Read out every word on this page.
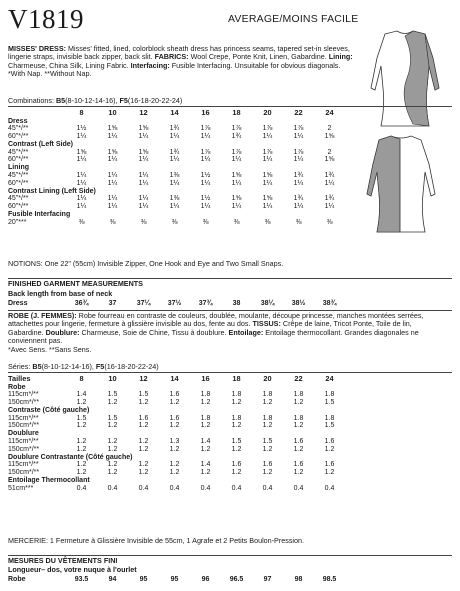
V1819	AVERAGE/MOINS FACILE
MISSES' DRESS: Misses' fitted, lined, colorblock sheath dress has princess seams, tapered set-in sleeves, lingerie straps, invisible back zipper, back slit. FABRICS: Wool Crepe, Ponte Knit, Linen, Gabardine. Lining: Charmeuse, China Silk, Lining Fabric. Interfacing: Fusible Interfacing. Unsuitable for obvious diagonals.
*With Nap. **Without Nap.
Combinations: B5(8-10-12-14-16), F5(16-18-20-22-24)
	8	10	12	14	16	18	20	22	24
Dress									
45"*/**	1½	1⅝	1⅝	1¾	1⅞	1⅞	1⅞	1⅞	2
60"*/**	1¼	1¼	1¼	1¼	1¼	1¾	1¼	1¼	1⅝
Contrast (Left Side)									
45"*/**	1⅝	1⅝	1⅝	1¾	1⅞	1⅞	1⅞	1⅞	2
60"*/**	1¼	1¼	1¼	1¼	1¼	1¼	1¼	1¼	1⅝
Lining									
45"*/**	1¼	1¼	1¼	1⅜	1½	1⅝	1⅝	1¾	1¾
60"*/**	1¼	1¼	1¼	1¼	1¼	1¼	1¼	1¼	1¼
Contrast Lining (Left Side)									
45"*/**	1¼	1¼	1¼	1⅜	1½	1⅝	1⅝	1¾	1¾
60"*/**	1¼	1¼	1¼	1¼	1¼	1¼	1¼	1¼	1¼
Fusible Interfacing									
20"***	⅜	⅜	⅜	⅜	⅜	⅜	⅜	⅜	⅜
NOTIONS: One 22" (55cm) Invisible Zipper, One Hook and Eye and Two Small Snaps.
FINISHED GARMENT MEASUREMENTS
Back length from base of neck
Dress	36¾	37	37¼	37½	37¾	38	38¼	38½	38¾
ROBE (J. FEMMES): Robe fourreau en contraste de couleurs, doublée, moulante, découpe princesse, manches montées serrées, attachettes pour lingerie, fermeture à glissière invisible au dos, fente au dos. TISSUS: Crêpe de laine, Tricot Ponte, Toile de lin, Gabardine. Doublure: Charmeuse, Soie de Chine, Tissu à doublure. Entoilage: Entoilage thermocollant. Grandes diagonales ne conviennent pas.
*Avec Sens. **Sans Sens.
Séries: B5(8-10-12-14-16), F5(16-18-20-22-24)
Tailles	8	10	12	14	16	18	20	22	24
Robe									
115cm*/**	1.4	1.5	1.5	1.6	1.8	1.8	1.8	1.8	1.8
150cm*/**	1.2	1.2	1.2	1.2	1.2	1.2	1.2	1.2	1.5
Contraste (Côté gauche)									
115cm*/**	1.5	1.5	1.6	1.6	1.8	1.8	1.8	1.8	1.8
150cm*/**	1.2	1.2	1.2	1.2	1.2	1.2	1.2	1.2	1.5
Doublure									
115cm*/**	1.2	1.2	1.2	1.3	1.4	1.5	1.5	1.6	1.6
150cm*/**	1.2	1.2	1.2	1.2	1.2	1.2	1.2	1.2	1.2
Doublure Contrastante (Côté gauche)									
115cm*/**	1.2	1.2	1.2	1.2	1.4	1.6	1.6	1.6	1.6
150cm*/**	1.2	1.2	1.2	1.2	1.2	1.2	1.2	1.2	1.2
Entoilage Thermocollant									
51cm***	0.4	0.4	0.4	0.4	0.4	0.4	0.4	0.4	0.4
MERCERIE: 1 Fermeture à Glissière Invisible de 55cm, 1 Agrafe et 2 Petits Boulon-Pression.
MESURES DU VÊTEMENTS FINI
Longueur– dos, votre nuque à l'ourlet
Robe	93.5	94	95	95	96	96.5	97	98	98.5
